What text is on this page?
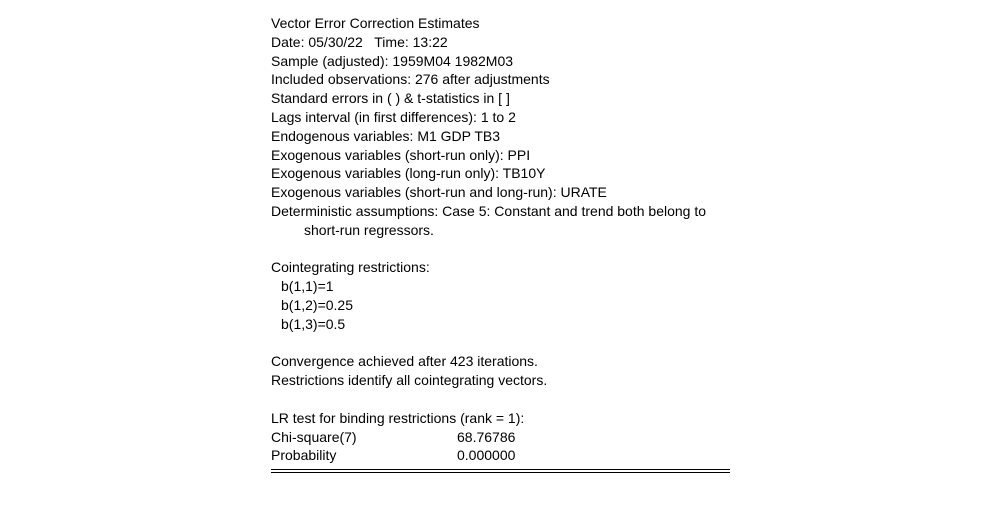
Vector Error Correction Estimates
Date: 05/30/22   Time: 13:22
Sample (adjusted): 1959M04 1982M03
Included observations: 276 after adjustments
Standard errors in ( ) & t-statistics in [ ]
Lags interval (in first differences): 1 to 2
Endogenous variables: M1 GDP TB3
Exogenous variables (short-run only): PPI
Exogenous variables (long-run only): TB10Y
Exogenous variables (short-run and long-run): URATE
Deterministic assumptions: Case 5: Constant and trend both belong to
short-run regressors.
Cointegrating restrictions:
b(1,1)=1
b(1,2)=0.25
b(1,3)=0.5
Convergence achieved after 423 iterations.
Restrictions identify all cointegrating vectors.
LR test for binding restrictions (rank = 1):
Chi-square(7)	68.76786
Probability	0.000000
